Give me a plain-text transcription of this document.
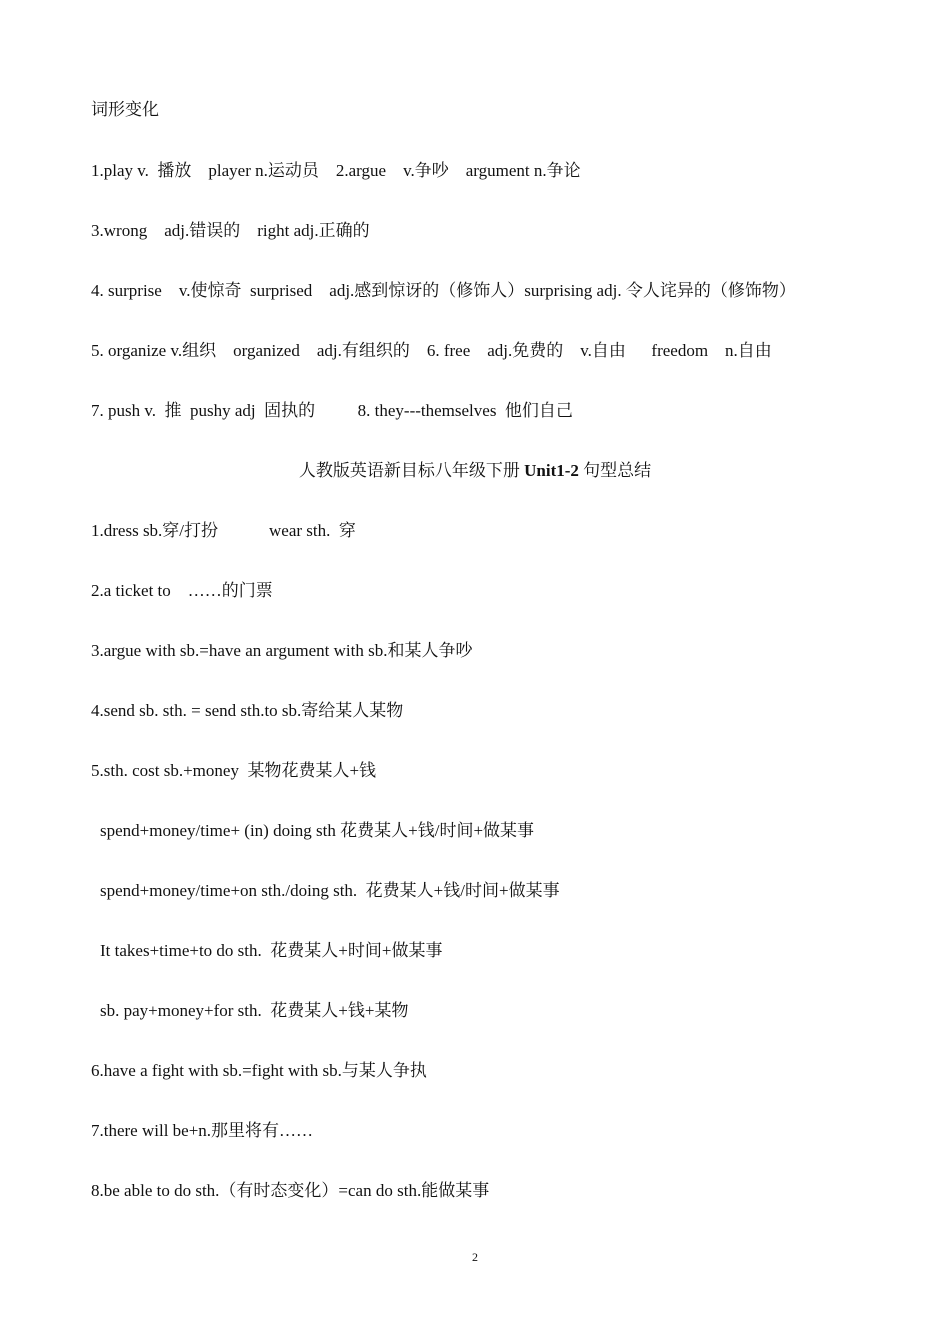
词形变化
1.play v.  播放    player n.运动员    2.argue    v.争吵    argument n.争论
3.wrong    adj.错误的    right adj.正确的
4. surprise    v.使惊奇  surprised    adj.感到惊讶的（修饰人）surprising adj. 令人诧异的（修饰物）
5. organize v.组织    organized    adj.有组织的    6. free    adj.免费的    v.自由      freedom    n.自由
7. push v.  推  pushy adj  固执的          8. they---themselves  他们自己
人教版英语新目标八年级下册 Unit1-2 句型总结
1.dress sb.穿/打扮            wear sth.  穿
2.a ticket to    ……的门票
3.argue with sb.=have an argument with sb.和某人争吵
4.send sb. sth. = send sth.to sb.寄给某人某物
5.sth. cost sb.+money  某物花费某人+钱
spend+money/time+ (in) doing sth 花费某人+钱/时间+做某事
spend+money/time+on sth./doing sth.  花费某人+钱/时间+做某事
It takes+time+to do sth.  花费某人+时间+做某事
sb. pay+money+for sth.  花费某人+钱+某物
6.have a fight with sb.=fight with sb.与某人争执
7.there will be+n.那里将有……
8.be able to do sth.（有时态变化）=can do sth.能做某事
2
